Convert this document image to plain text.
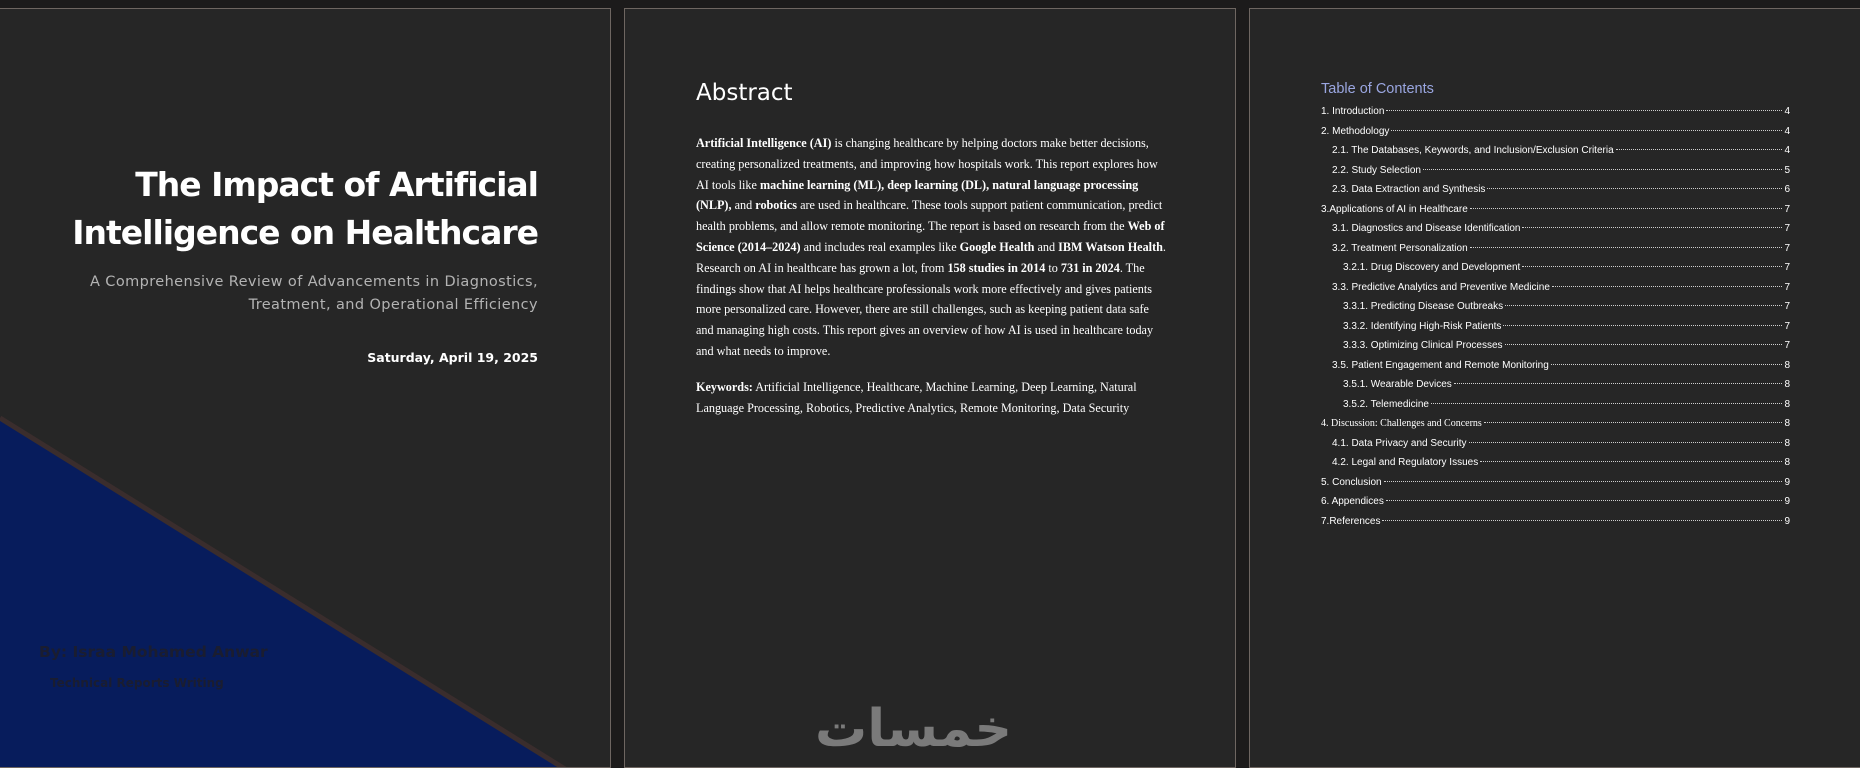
The Impact of Artificial Intelligence on Healthcare

A Comprehensive Review of Advancements in Diagnostics, Treatment, and Operational Efficiency

Saturday, April 19, 2025
By: Israa Mohamed Anwar
Technical Reports Writing
Abstract

Artificial Intelligence (AI) is changing healthcare by helping doctors make better decisions, creating personalized treatments, and improving how hospitals work. This report explores how AI tools like machine learning (ML), deep learning (DL), natural language processing (NLP), and robotics are used in healthcare. These tools support patient communication, predict health problems, and allow remote monitoring. The report is based on research from the Web of Science (2014–2024) and includes real examples like Google Health and IBM Watson Health. Research on AI in healthcare has grown a lot, from 158 studies in 2014 to 731 in 2024. The findings show that AI helps healthcare professionals work more effectively and gives patients more personalized care. However, there are still challenges, such as keeping patient data safe and managing high costs. This report gives an overview of how AI is used in healthcare today and what needs to improve.

Keywords: Artificial Intelligence, Healthcare, Machine Learning, Deep Learning, Natural Language Processing, Robotics, Predictive Analytics, Remote Monitoring, Data Security

خمسات
Table of Contents
1. Introduction	4
2. Methodology	4
2.1. The Databases, Keywords, and Inclusion/Exclusion Criteria	4
2.2. Study Selection	5
2.3. Data Extraction and Synthesis	6
3.Applications of AI in Healthcare	7
3.1. Diagnostics and Disease Identification	7
3.2. Treatment Personalization	7
3.2.1. Drug Discovery and Development	7
3.3. Predictive Analytics and Preventive Medicine	7
3.3.1. Predicting Disease Outbreaks	7
3.3.2. Identifying High-Risk Patients	7
3.3.3. Optimizing Clinical Processes	7
3.5. Patient Engagement and Remote Monitoring	8
3.5.1. Wearable Devices	8
3.5.2. Telemedicine	8
4. Discussion: Challenges and Concerns	8
4.1. Data Privacy and Security	8
4.2. Legal and Regulatory Issues	8
5. Conclusion	9
6. Appendices	9
7.References	9
